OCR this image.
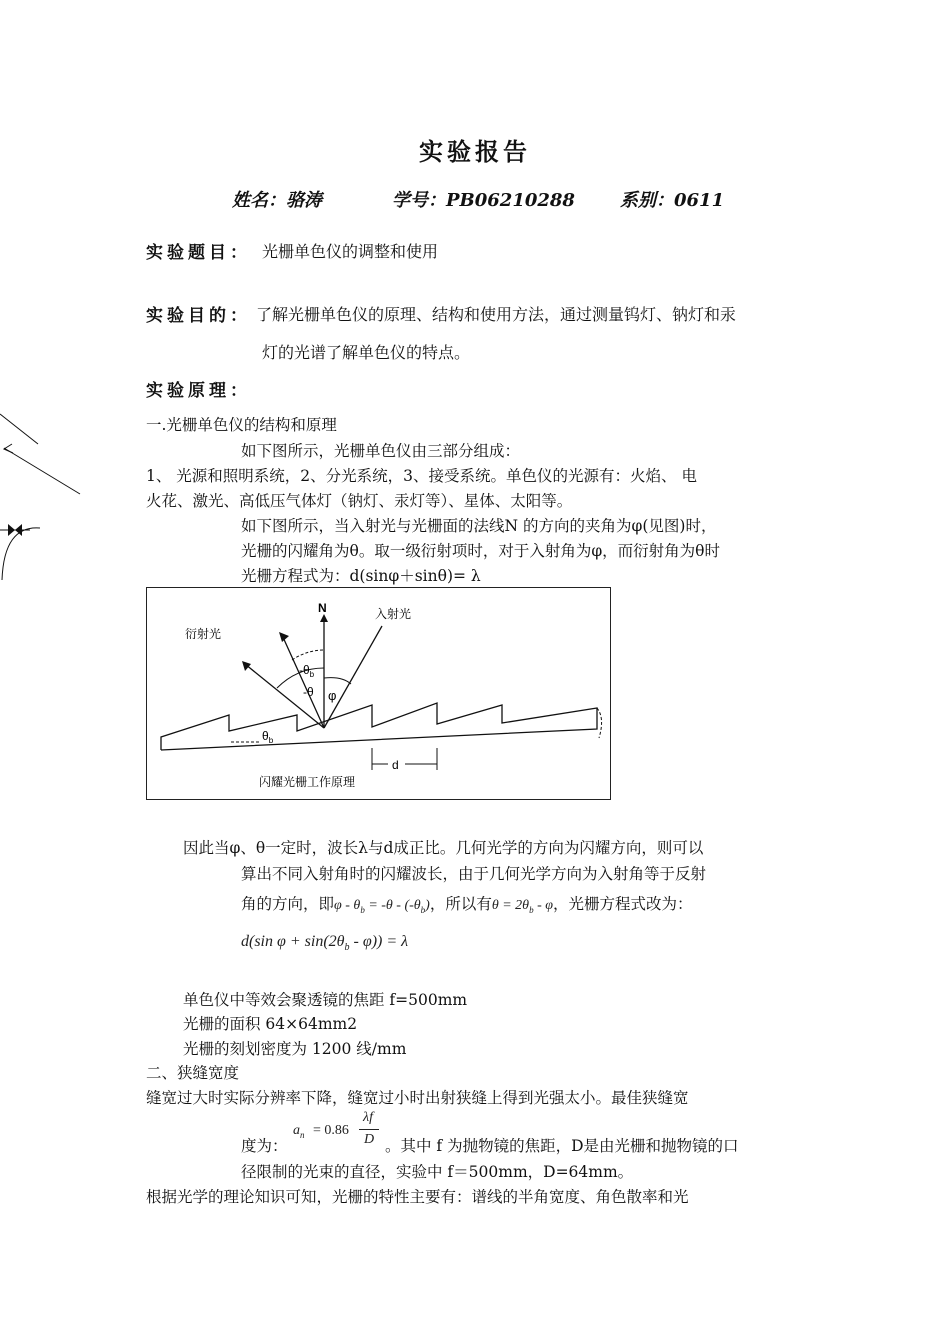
实验报告
姓名：骆涛	学号：PB06210288	系别：0611
实验题目： 光栅单色仪的调整和使用
实验目的： 了解光栅单色仪的原理、结构和使用方法，通过测量钨灯、钠灯和汞
灯的光谱了解单色仪的特点。
实验原理：
一.光栅单色仪的结构和原理
如下图所示，光栅单色仪由三部分组成：
1、 光源和照明系统，2、分光系统，3、接受系统。单色仪的光源有：火焰、 电
火花、激光、高低压气体灯（钠灯、汞灯等）、星体、太阳等。
如下图所示，当入射光与光栅面的法线N 的方向的夹角为φ(见图)时，
光栅的闪耀角为θ。取一级衍射项时，对于入射角为φ，而衍射角为θ时
光栅方程式为：d(sinφ＋sinθ)= λ
N	入射光
衍射光
$-\theta_b$
-θ φ
$\theta_b$
d
闪耀光栅工作原理
因此当φ、θ一定时，波长λ与d成正比。几何光学的方向为闪耀方向，则可以
算出不同入射角时的闪耀波长，由于几何光学方向为入射角等于反射
角的方向，即$\varphi - \theta_b = -\theta - (-\theta_b)$，所以有$\theta = 2\theta_b - \varphi$，光栅方程式改为：
d(sin $\varphi + \sin(2\theta_b - \varphi)) = \lambda$
单色仪中等效会聚透镜的焦距 f=500mm
光栅的面积 64×64mm2
光栅的刻划密度为 1200 线/mm
二、狭缝宽度
缝宽过大时实际分辨率下降，缝宽过小时出射狭缝上得到光强太小。最佳狭缝宽
度为：
$a_n = 0.86$
λf
D 。其中 f 为抛物镜的焦距，D是由光栅和抛物镜的口
径限制的光束的直径，实验中 f＝500mm，D=64mm。
根据光学的理论知识可知，光栅的特性主要有：谱线的半角宽度、角色散率和光
